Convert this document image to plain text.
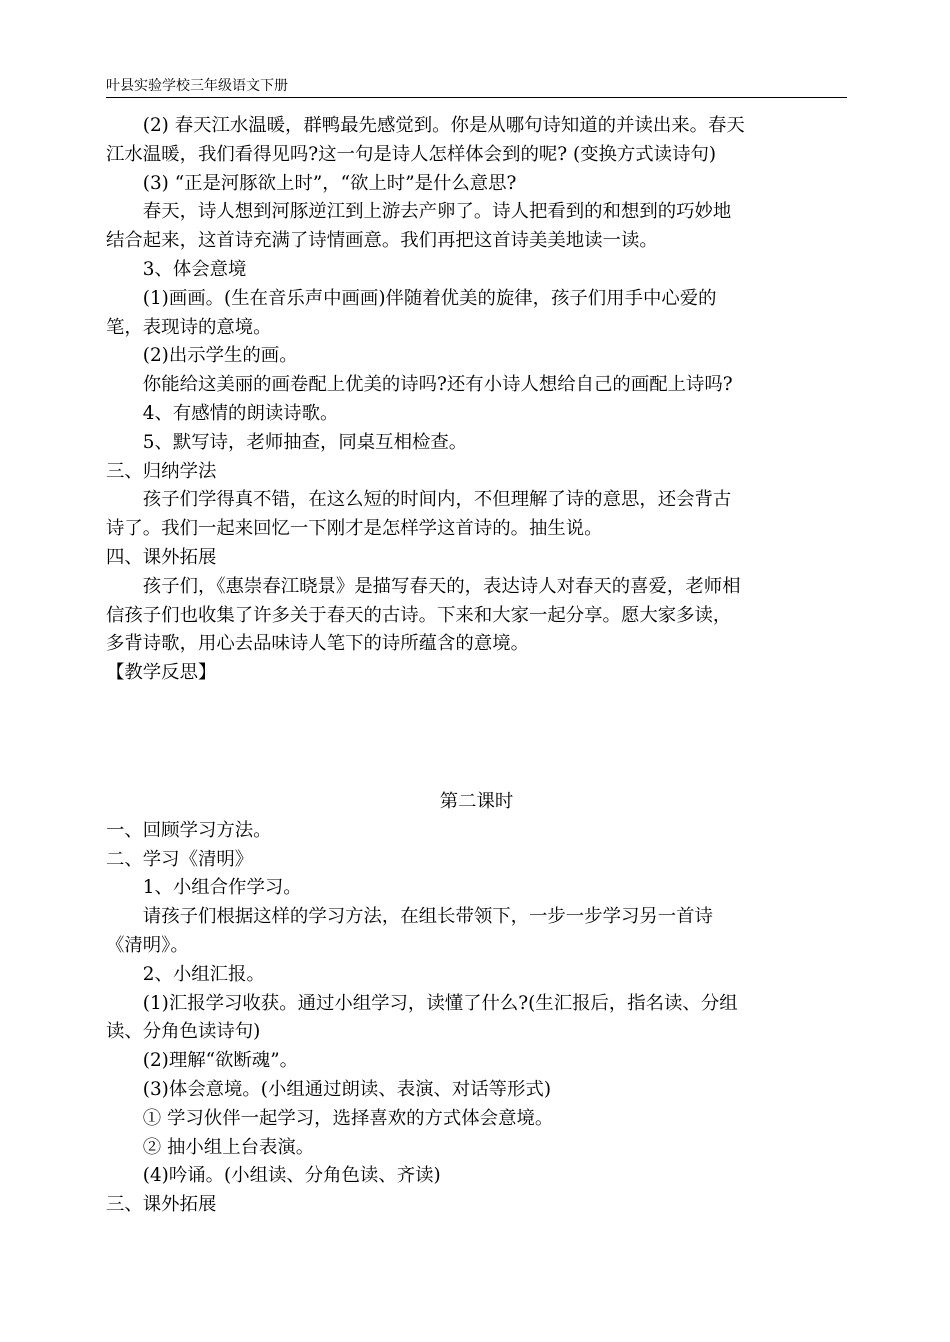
叶县实验学校三年级语文下册
(2) 春天江水温暖，群鸭最先感觉到。你是从哪句诗知道的并读出来。春天
江水温暖，我们看得见吗?这一句是诗人怎样体会到的呢? (变换方式读诗句)
(3) “正是河豚欲上时”，“欲上时”是什么意思?
春天，诗人想到河豚逆江到上游去产卵了。诗人把看到的和想到的巧妙地
结合起来，这首诗充满了诗情画意。我们再把这首诗美美地读一读。
3、体会意境
(1)画画。(生在音乐声中画画)伴随着优美的旋律，孩子们用手中心爱的
笔，表现诗的意境。
(2)出示学生的画。
你能给这美丽的画卷配上优美的诗吗?还有小诗人想给自己的画配上诗吗?
4、有感情的朗读诗歌。
5、默写诗，老师抽查，同桌互相检查。
三、归纳学法
孩子们学得真不错，在这么短的时间内，不但理解了诗的意思，还会背古
诗了。我们一起来回忆一下刚才是怎样学这首诗的。抽生说。
四、课外拓展
孩子们，《惠崇春江晓景》是描写春天的，表达诗人对春天的喜爱，老师相
信孩子们也收集了许多关于春天的古诗。下来和大家一起分享。愿大家多读，
多背诗歌，用心去品味诗人笔下的诗所蕴含的意境。
【教学反思】
第二课时
一、回顾学习方法。
二、学习《清明》
1、小组合作学习。
请孩子们根据这样的学习方法，在组长带领下，一步一步学习另一首诗
《清明》。
2、小组汇报。
(1)汇报学习收获。通过小组学习，读懂了什么?(生汇报后，指名读、分组
读、分角色读诗句)
(2)理解“欲断魂”。
(3)体会意境。(小组通过朗读、表演、对话等形式)
① 学习伙伴一起学习，选择喜欢的方式体会意境。
② 抽小组上台表演。
(4)吟诵。(小组读、分角色读、齐读)
三、课外拓展
